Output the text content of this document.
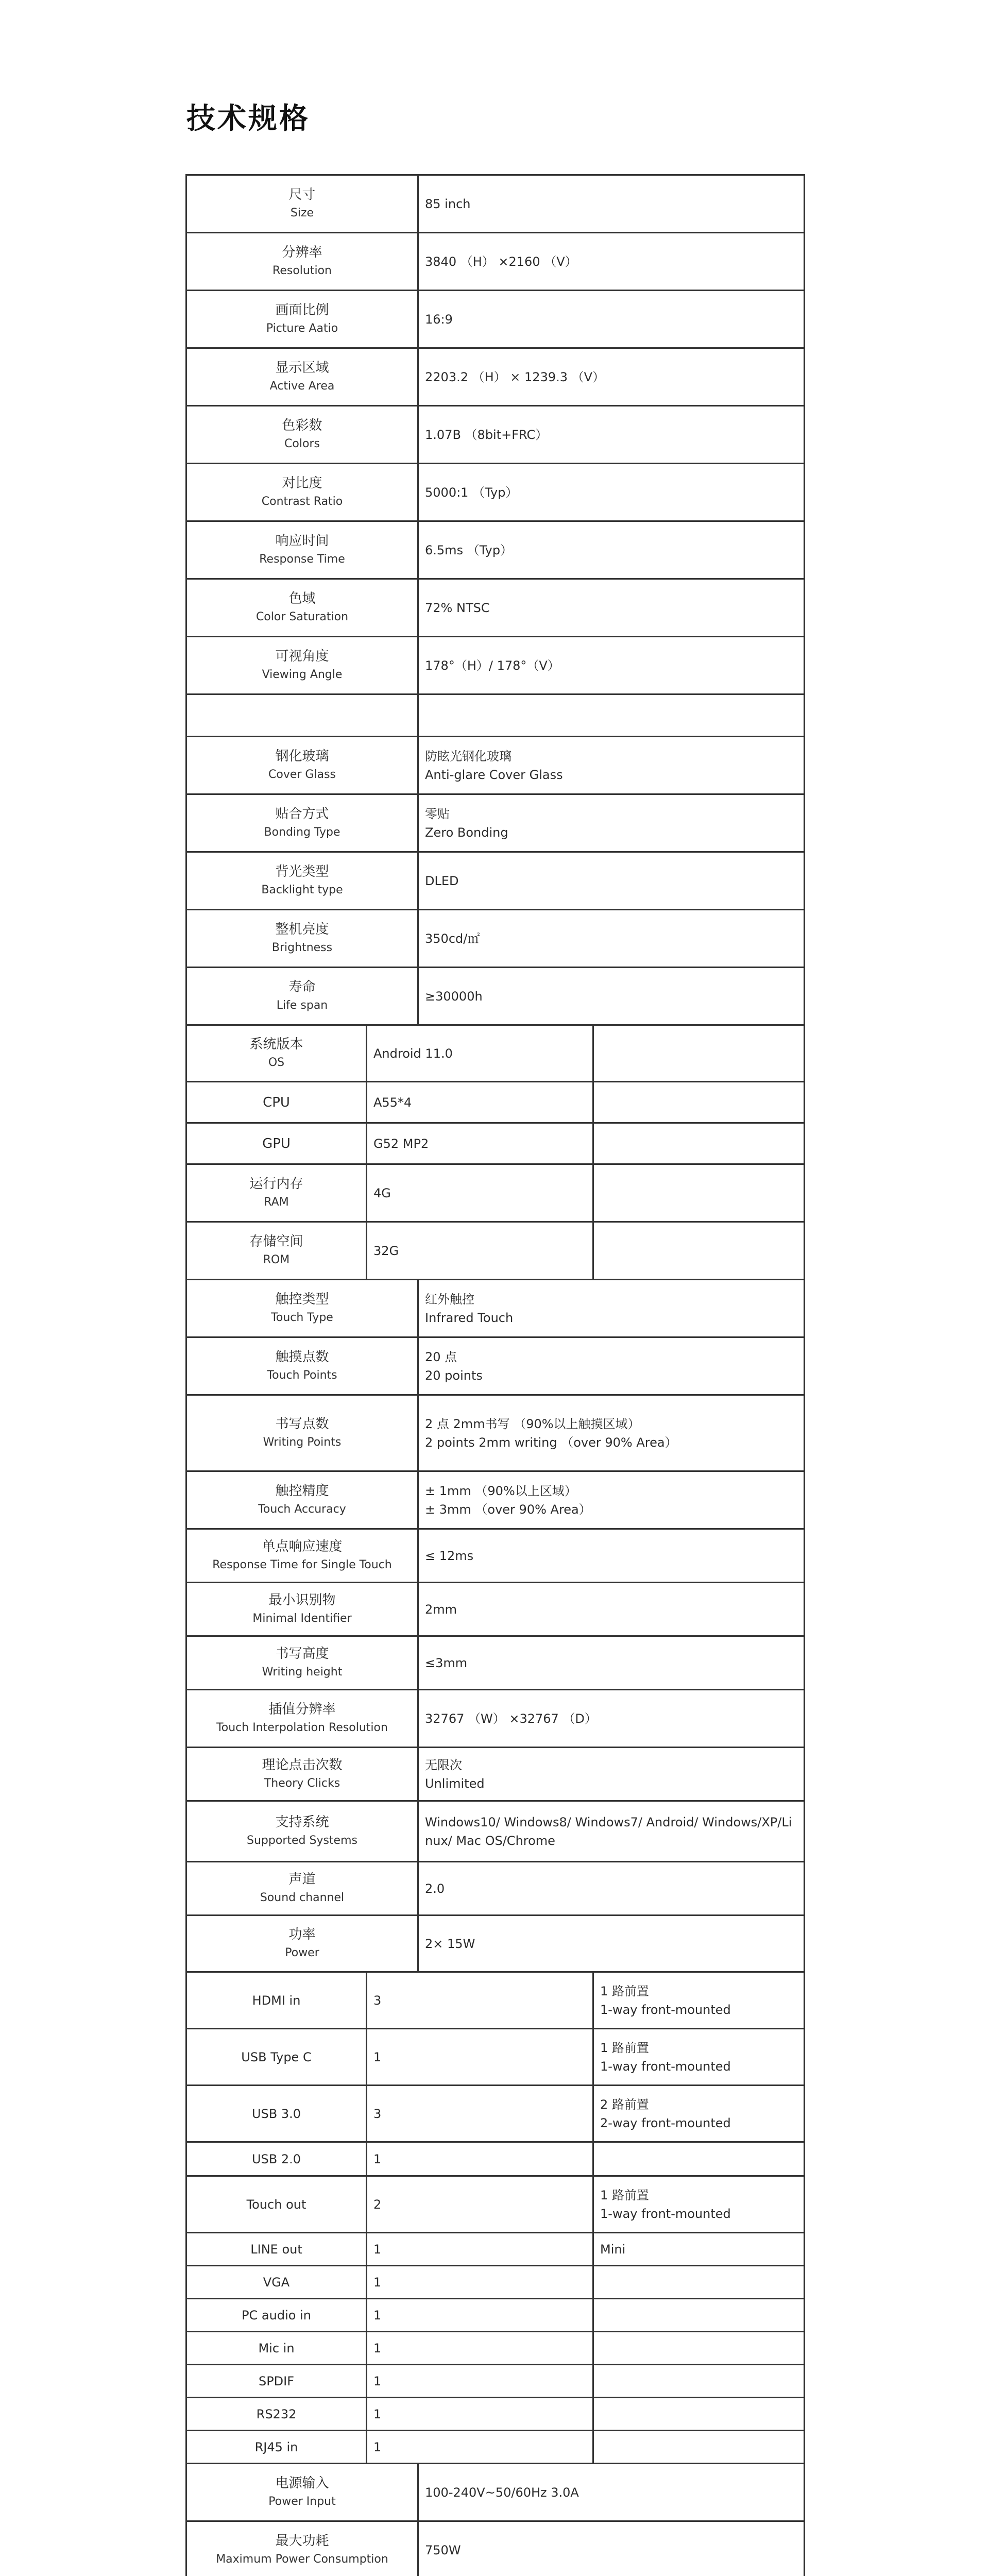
技术规格
尺寸
Size		85 inch	

分辨率
Resolution		3840 （H） ×2160 （V）	

画面比例
Picture Aatio		16:9	

显示区域
Active Area		2203.2 （H） × 1239.3 （V）	

色彩数
Colors		1.07B （8bit+FRC）	

对比度
Contrast Ratio		5000:1 （Typ）	

响应时间
Response Time		6.5ms （Typ）	

色域
Color Saturation		72% NTSC	

可视角度
Viewing Angle		178°（H）/ 178°（V）	

钢化玻璃
Cover Glass		防眩光钢化玻璃
Anti-glare Cover Glass	

贴合方式
Bonding Type		零贴
Zero Bonding	

背光类型
Backlight type		DLED	

整机亮度
Brightness		350cd/㎡	

寿命
Life span		≥30000h	

系统版本
OS	Android 11.0		

CPU	A55*4		

GPU	G52 MP2		

运行内存
RAM	4G		

存储空间
ROM	32G		

触控类型
Touch Type		红外触控
Infrared Touch	

触摸点数
Touch Points		20 点
20 points	

书写点数
Writing Points		2 点 2mm书写 （90%以上触摸区域）
2 points 2mm writing （over 90% Area）	

触控精度
Touch Accuracy		± 1mm （90%以上区域）
± 3mm （over 90% Area）	

单点响应速度
Response Time for Single Touch		≤ 12ms	

最小识别物
Minimal Identifier		2mm	

书写高度
Writing height		≤3mm	

插值分辨率
Touch Interpolation Resolution		32767 （W） ×32767 （D）	

理论点击次数
Theory Clicks		无限次
Unlimited	

支持系统
Supported Systems		Windows10/ Windows8/ Windows7/ Android/ Windows/XP/Li
nux/ Mac OS/Chrome	

声道
Sound channel		2.0	

功率
Power		2× 15W	

HDMI in	3		1 路前置
1-way front-mounted

USB Type C	1		1 路前置
1-way front-mounted

USB 3.0	3		2 路前置
2-way front-mounted

USB 2.0	1		
Touch out	2		1 路前置
1-way front-mounted

LINE out	1		Mini

VGA	1		
PC audio in	1		
Mic in	1		
SPDIF	1		
RS232	1		
RJ45 in	1		

电源输入
Power Input		100-240V~50/60Hz 3.0A	

最大功耗
Maximum Power Consumption		750W	
